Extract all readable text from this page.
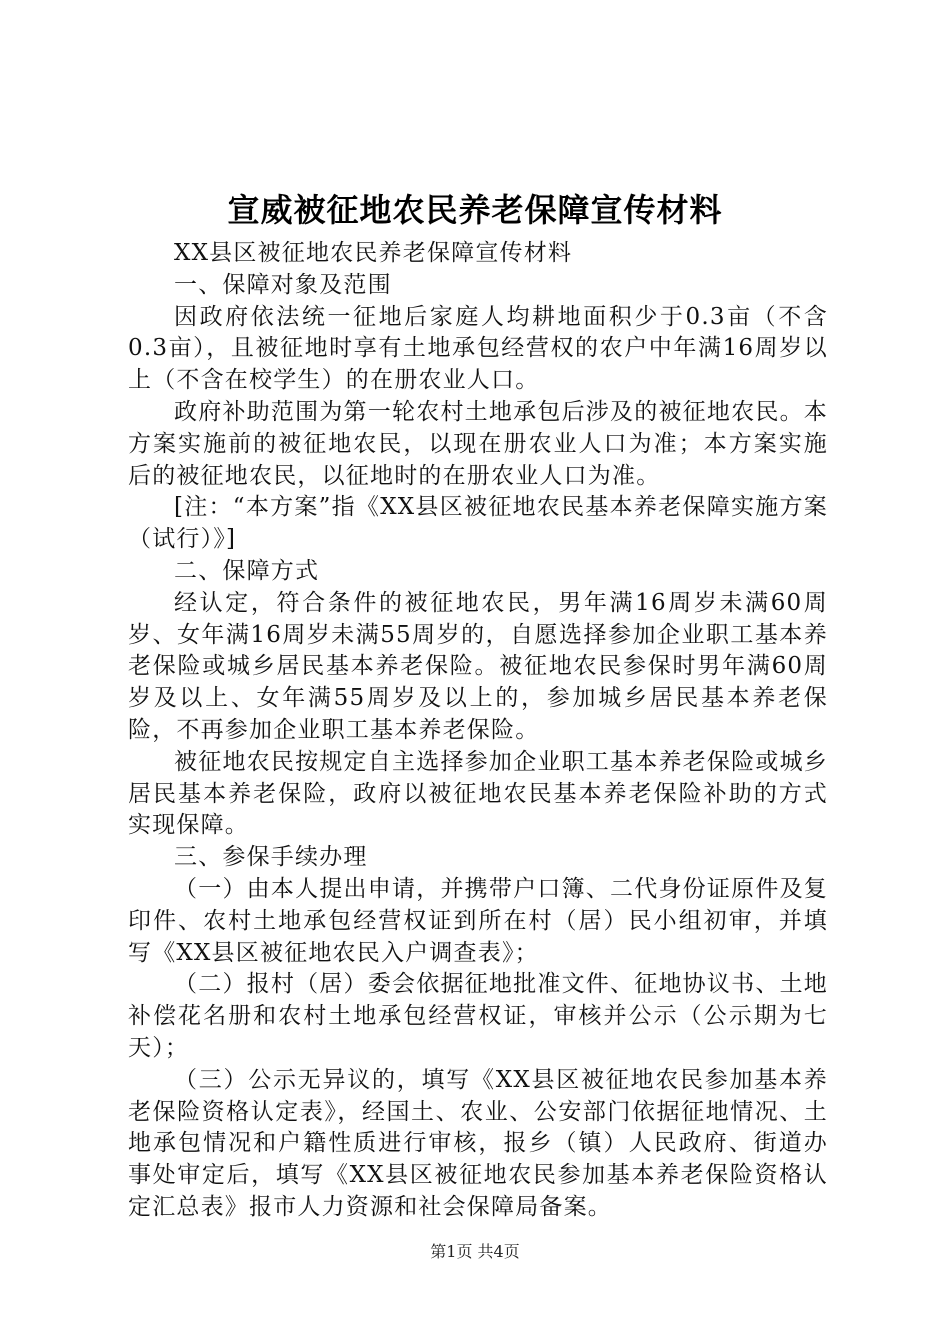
宣威被征地农民养老保障宣传材料

XX县区被征地农民养老保障宣传材料

一、保障对象及范围

因政府依法统一征地后家庭人均耕地面积少于0.3亩（不含0.3亩），且被征地时享有土地承包经营权的农户中年满16周岁以上（不含在校学生）的在册农业人口。

政府补助范围为第一轮农村土地承包后涉及的被征地农民。本方案实施前的被征地农民，以现在册农业人口为准；本方案实施后的被征地农民，以征地时的在册农业人口为准。

[注：“本方案”指《XX县区被征地农民基本养老保障实施方案（试行）》]

二、保障方式

经认定，符合条件的被征地农民，男年满16周岁未满60周岁、女年满16周岁未满55周岁的，自愿选择参加企业职工基本养老保险或城乡居民基本养老保险。被征地农民参保时男年满60周岁及以上、女年满55周岁及以上的，参加城乡居民基本养老保险，不再参加企业职工基本养老保险。

被征地农民按规定自主选择参加企业职工基本养老保险或城乡居民基本养老保险，政府以被征地农民基本养老保险补助的方式实现保障。

三、参保手续办理

（一）由本人提出申请，并携带户口簿、二代身份证原件及复印件、农村土地承包经营权证到所在村（居）民小组初审，并填写《XX县区被征地农民入户调查表》；

（二）报村（居）委会依据征地批准文件、征地协议书、土地补偿花名册和农村土地承包经营权证，审核并公示（公示期为七天）；

（三）公示无异议的，填写《XX县区被征地农民参加基本养老保险资格认定表》，经国土、农业、公安部门依据征地情况、土地承包情况和户籍性质进行审核，报乡（镇）人民政府、街道办事处审定后，填写《XX县区被征地农民参加基本养老保险资格认定汇总表》报市人力资源和社会保障局备案。

第1页 共4页
